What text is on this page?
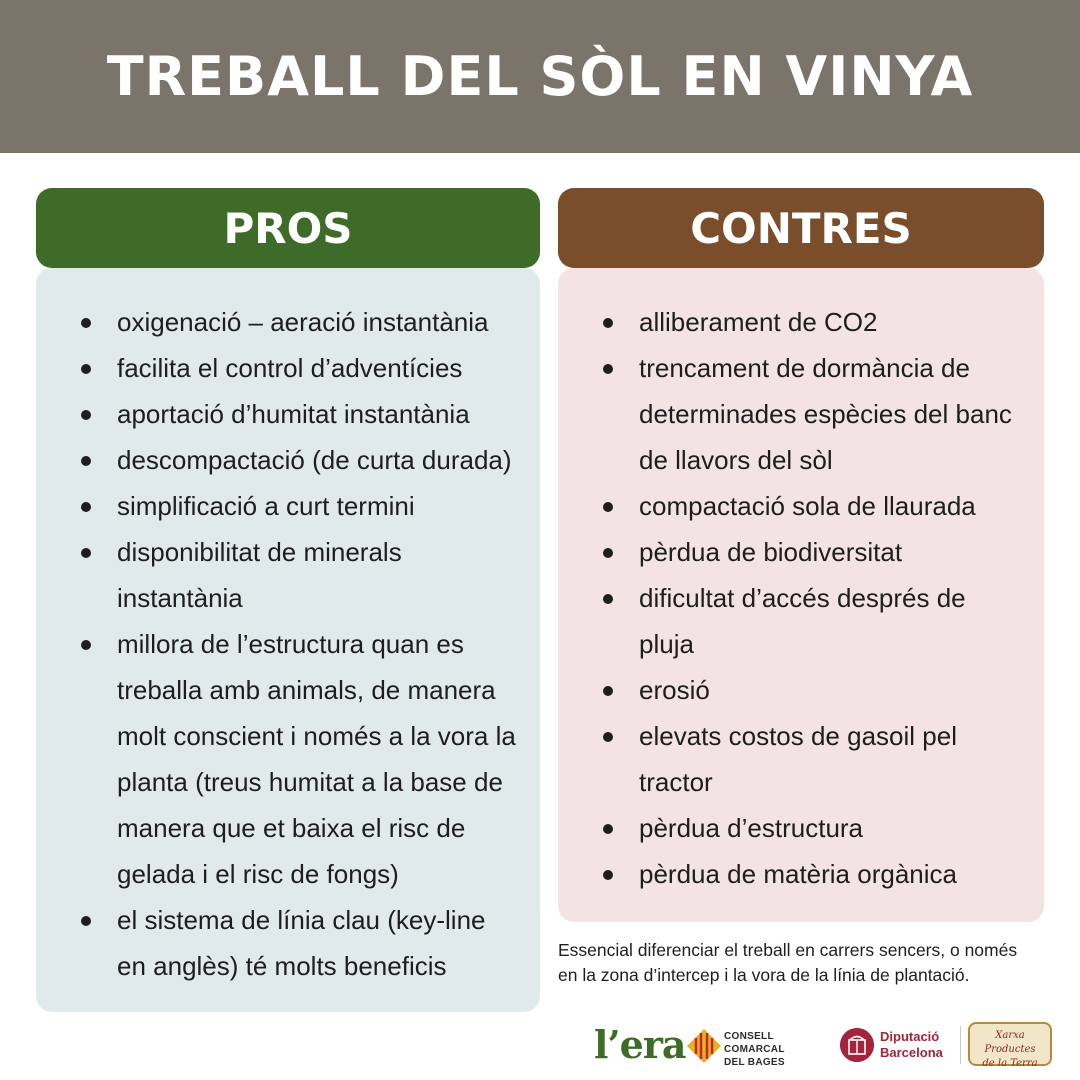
TREBALL DEL SÒL EN VINYA
PROS	CONTRES
oxigenació – aeració instantània
facilita el control d’adventícies
aportació d’humitat instantània
descompactació (de curta durada)
simplificació a curt termini
disponibilitat de minerals instantània
millora de l’estructura quan es treballa amb animals, de manera molt conscient i només a la vora la planta (treus humitat a la base de manera que et baixa el risc de gelada i el risc de fongs)
el sistema de línia clau (key-line en anglès) té molts beneficis
alliberament de CO2
trencament de dormància de determinades espècies del banc de llavors del sòl
compactació sola de llaurada
pèrdua de biodiversitat
dificultat d’accés després de pluja
erosió
elevats costos de gasoil pel tractor
pèrdua d’estructura
pèrdua de matèria orgànica
Essencial diferenciar el treball en carrers sencers, o només en la zona d’intercep i la vora de la línia de plantació.
l’era	CONSELL COMARCAL
DEL BAGES
Diputació
Barcelona
Xarxa Productes
de la Terra
